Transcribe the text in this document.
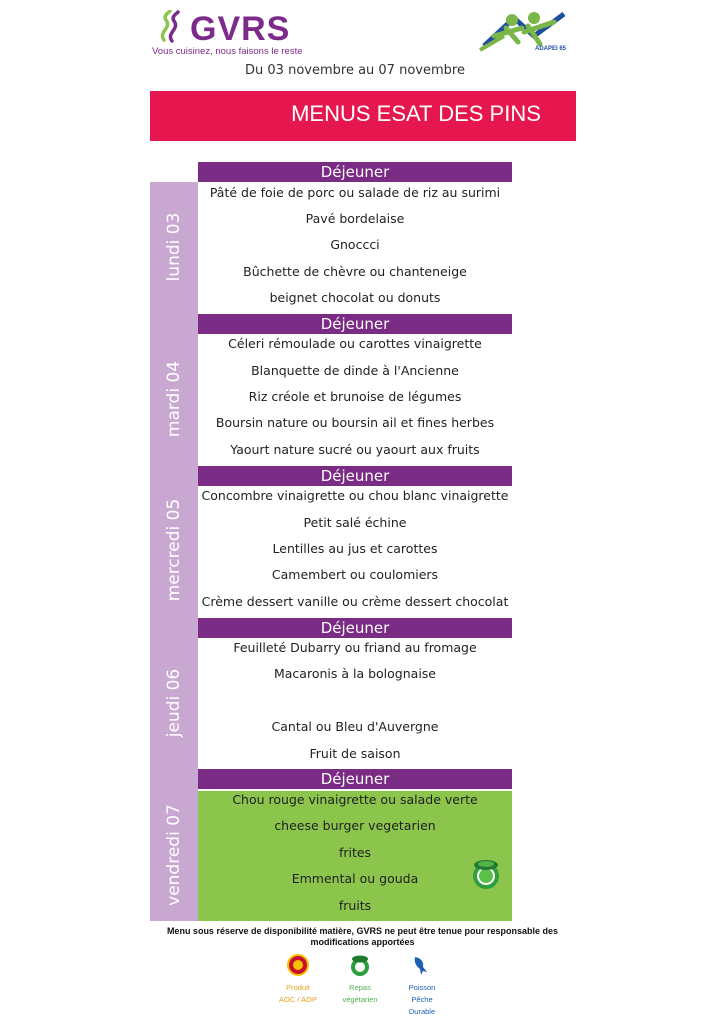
GVRS
Vous cuisinez, nous faisons le reste	ADAPEI 65
Du 03 novembre au 07 novembre
MENUS ESAT DES PINS
Déjeuner
lundi 03
Pâté de foie de porc ou salade de riz au surimi
Pavé bordelaise
Gnoccci
Bûchette de chèvre ou chanteneige
beignet chocolat ou donuts
Déjeuner
mardi 04
Céleri rémoulade ou carottes vinaigrette
Blanquette de dinde à l'Ancienne
Riz créole et brunoise de légumes
Boursin nature ou boursin ail et fines herbes
Yaourt nature sucré ou yaourt aux fruits
Déjeuner
mercredi 05
Concombre vinaigrette ou chou blanc vinaigrette
Petit salé échine
Lentilles au jus et carottes
Camembert ou coulomiers
Crème dessert vanille ou crème dessert chocolat
Déjeuner
jeudi 06
Feuilleté Dubarry ou friand au fromage
Macaronis à la bolognaise
Cantal ou Bleu d'Auvergne
Fruit de saison
Déjeuner
vendredi 07
Chou rouge vinaigrette ou salade verte
cheese burger vegetarien
frites
Emmental ou gouda
fruits
Menu sous réserve de disponibilité matière, GVRS ne peut être tenue pour responsable des modifications apportées
Produit
AOC / AOP
Repas
végétarien
Poisson
Pêche
Durable
